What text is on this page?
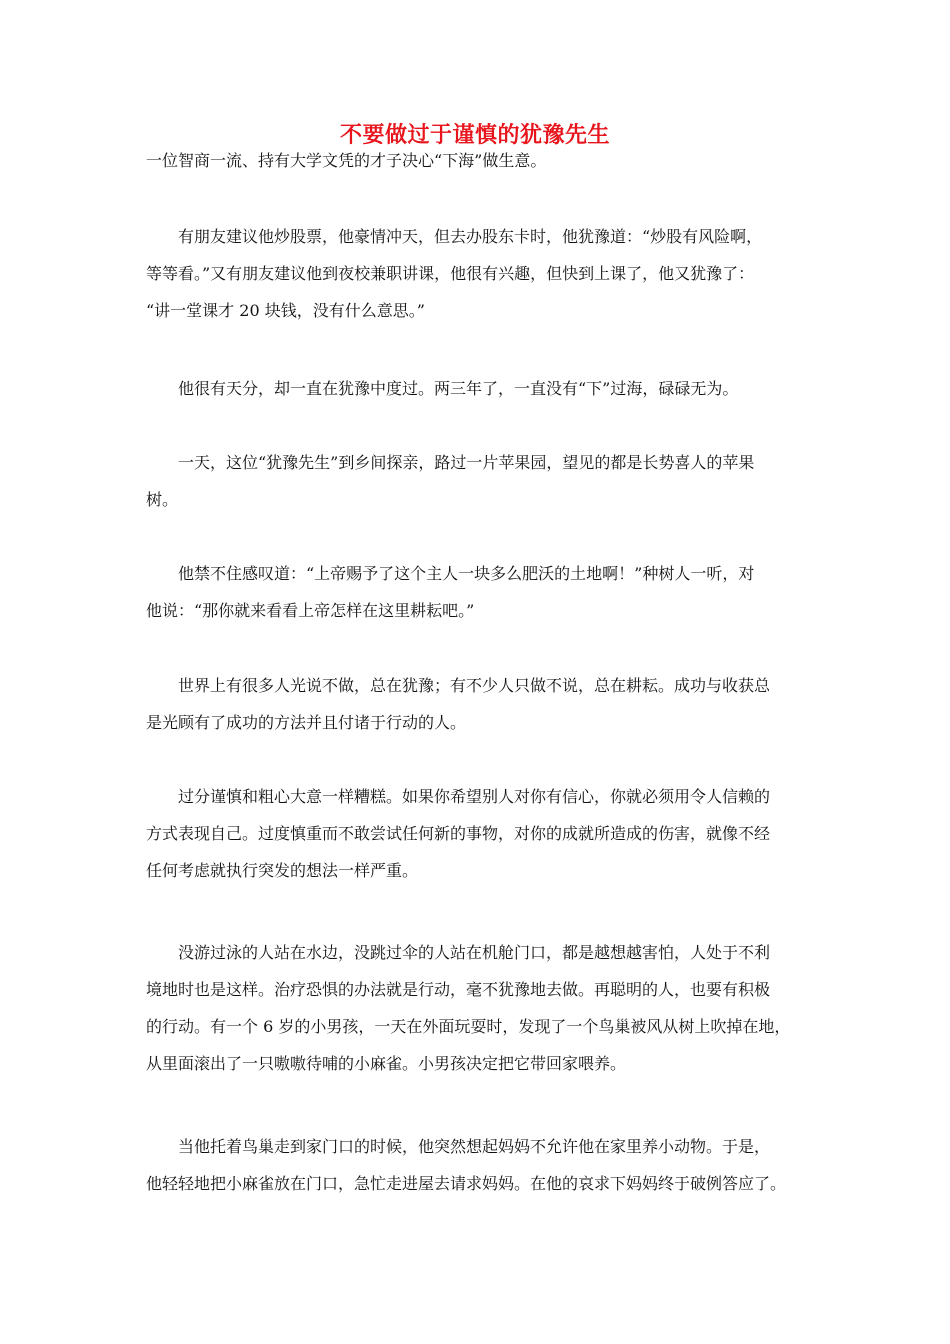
不要做过于谨慎的犹豫先生
一位智商一流、持有大学文凭的才子决心“下海”做生意。
　　有朋友建议他炒股票，他豪情冲天，但去办股东卡时，他犹豫道：“炒股有风险啊，
等等看。”又有朋友建议他到夜校兼职讲课，他很有兴趣，但快到上课了，他又犹豫了：
“讲一堂课才 20 块钱，没有什么意思。”
　　他很有天分，却一直在犹豫中度过。两三年了，一直没有“下”过海，碌碌无为。
　　一天，这位“犹豫先生”到乡间探亲，路过一片苹果园，望见的都是长势喜人的苹果
树。
　　他禁不住感叹道：“上帝赐予了这个主人一块多么肥沃的土地啊！”种树人一听，对
他说：“那你就来看看上帝怎样在这里耕耘吧。”
　　世界上有很多人光说不做，总在犹豫；有不少人只做不说，总在耕耘。成功与收获总
是光顾有了成功的方法并且付诸于行动的人。
　　过分谨慎和粗心大意一样糟糕。如果你希望别人对你有信心，你就必须用令人信赖的
方式表现自己。过度慎重而不敢尝试任何新的事物，对你的成就所造成的伤害，就像不经
任何考虑就执行突发的想法一样严重。
　　没游过泳的人站在水边，没跳过伞的人站在机舱门口，都是越想越害怕，人处于不利
境地时也是这样。治疗恐惧的办法就是行动，毫不犹豫地去做。再聪明的人，也要有积极
的行动。有一个 6 岁的小男孩，一天在外面玩耍时，发现了一个鸟巢被风从树上吹掉在地，
从里面滚出了一只嗷嗷待哺的小麻雀。小男孩决定把它带回家喂养。
　　当他托着鸟巢走到家门口的时候，他突然想起妈妈不允许他在家里养小动物。于是，
他轻轻地把小麻雀放在门口，急忙走进屋去请求妈妈。在他的哀求下妈妈终于破例答应了。
